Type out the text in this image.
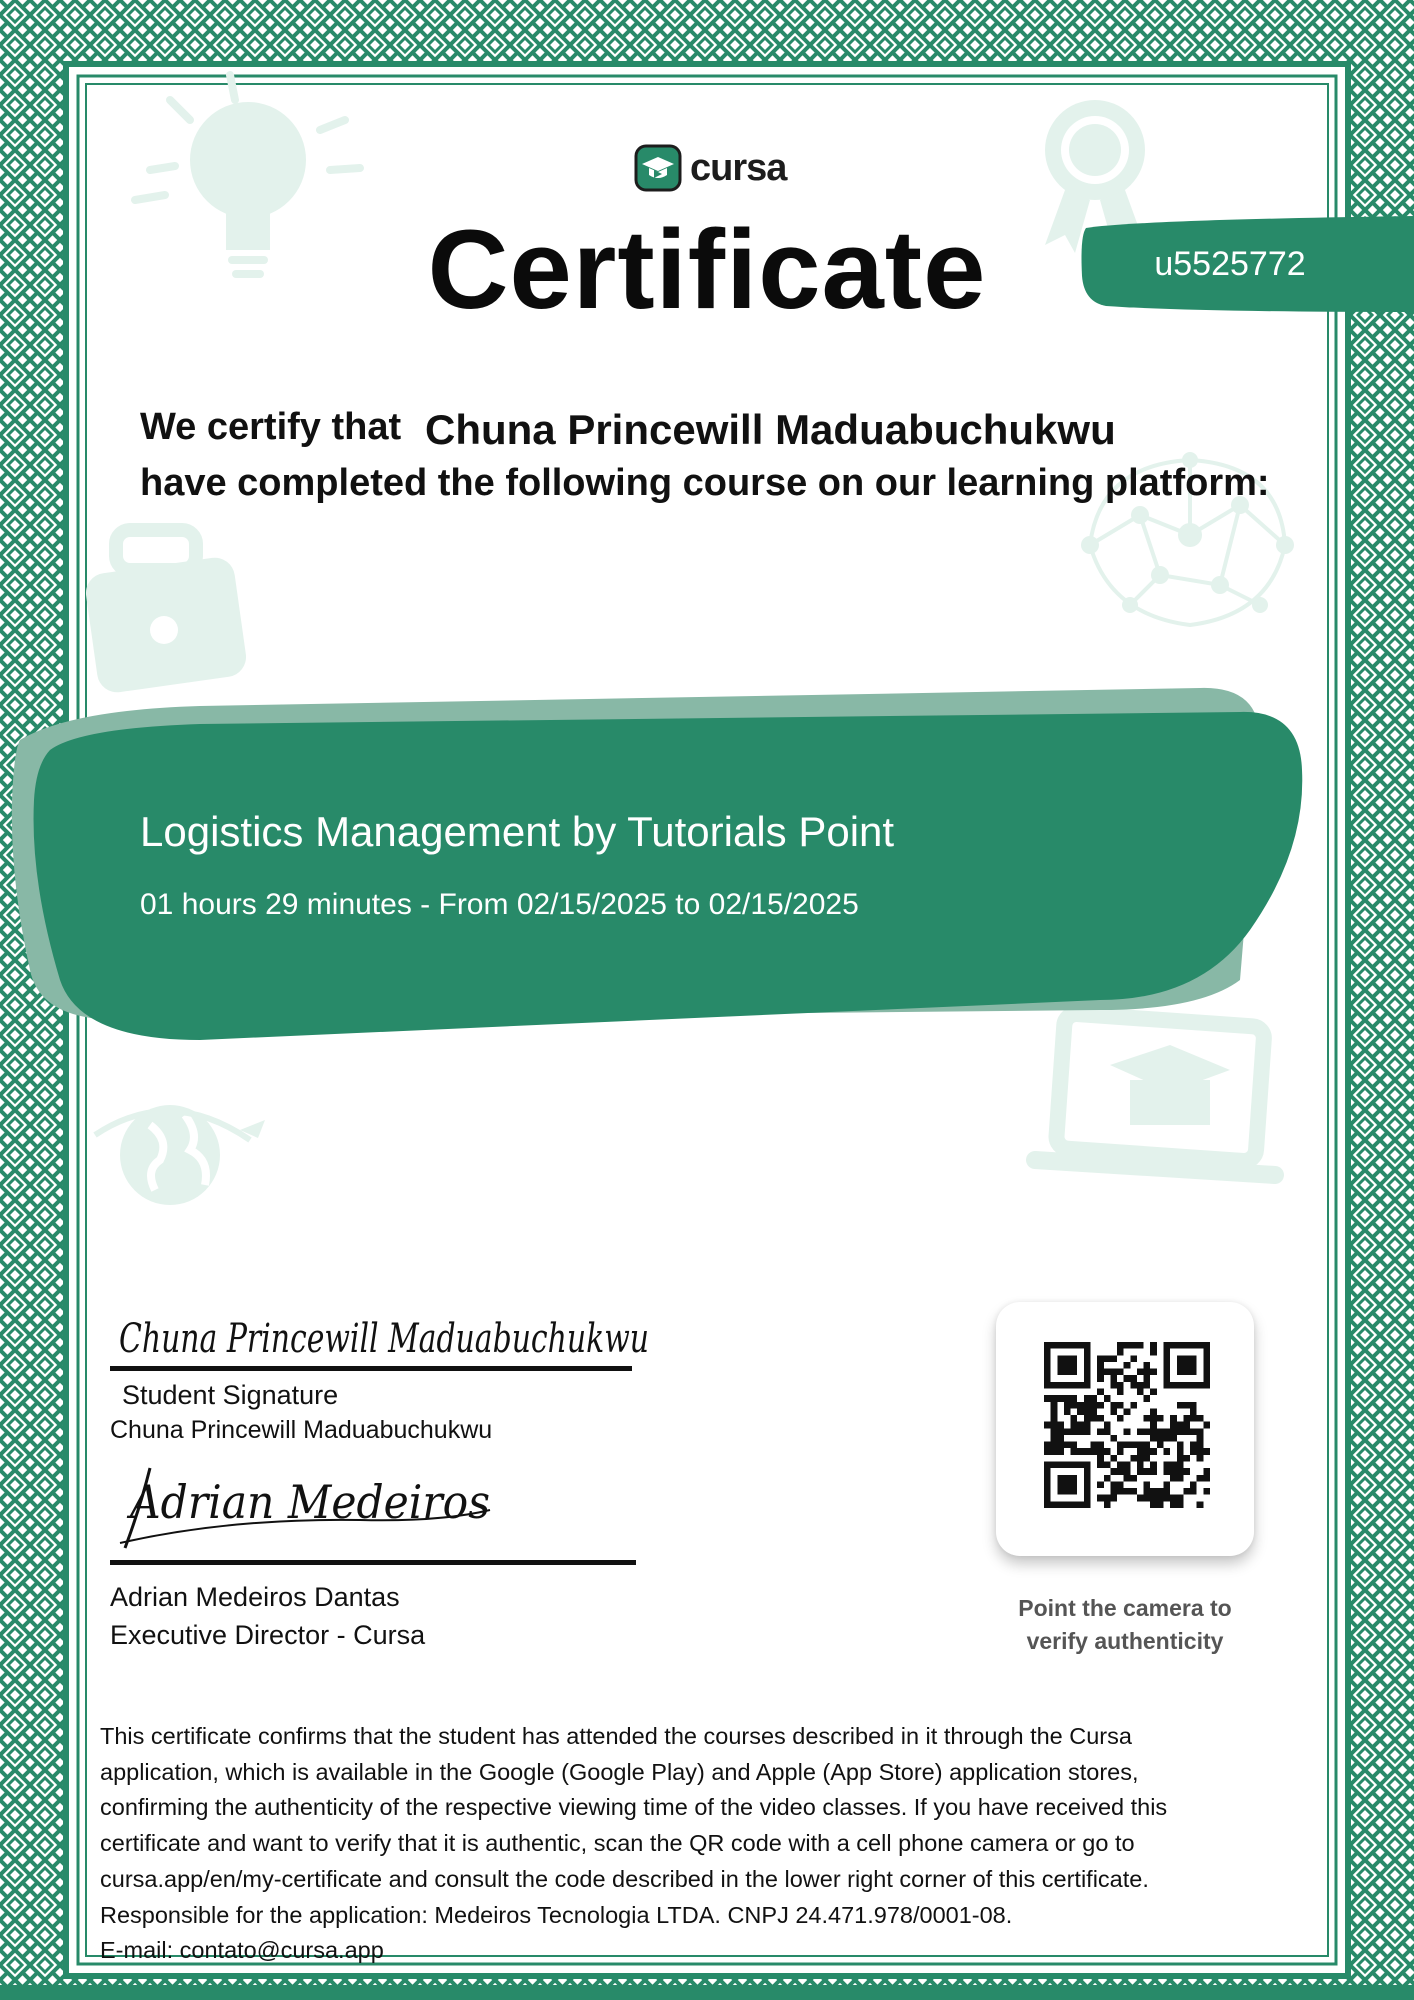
cursa
Certificate	u5525772
We certify that Chuna Princewill Maduabuchukwu
have completed the following course on our learning platform:
Logistics Management by Tutorials Point
01 hours 29 minutes - From 02/15/2025 to 02/15/2025
Chuna Princewill Maduabuchukwu
Student Signature
Chuna Princewill Maduabuchukwu
Adrian Medeiros
Adrian Medeiros Dantas
Executive Director - Cursa
Point the camera to
verify authenticity

This certificate confirms that the student has attended the courses described in it through the Cursa

application, which is available in the Google (Google Play) and Apple (App Store) application stores,

confirming the authenticity of the respective viewing time of the video classes. If you have received this

certificate and want to verify that it is authentic, scan the QR code with a cell phone camera or go to

cursa.app/en/my-certificate and consult the code described in the lower right corner of this certificate.

Responsible for the application: Medeiros Tecnologia LTDA. CNPJ 24.471.978/0001-08.

E-mail: contato@cursa.app
